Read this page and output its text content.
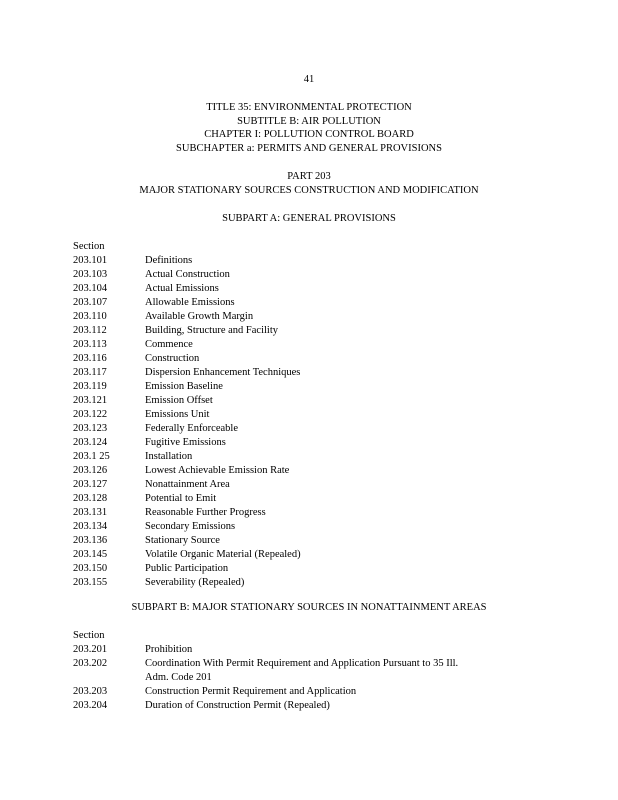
41
TITLE 35: ENVIRONMENTAL PROTECTION
SUBTITLE B: AIR POLLUTION
CHAPTER I: POLLUTION CONTROL BOARD
SUBCHAPTER a: PERMITS AND GENERAL PROVISIONS
PART 203
MAJOR STATIONARY SOURCES CONSTRUCTION AND MODIFICATION
SUBPART A: GENERAL PROVISIONS
Section
203.101	Definitions
203.103	Actual Construction
203.104	Actual Emissions
203.107	Allowable Emissions
203.110	Available Growth Margin
203.112	Building, Structure and Facility
203.113	Commence
203.116	Construction
203.117	Dispersion Enhancement Techniques
203.119	Emission Baseline
203.121	Emission Offset
203.122	Emissions Unit
203.123	Federally Enforceable
203.124	Fugitive Emissions
203.1 25	Installation
203.126	Lowest Achievable Emission Rate
203.127	Nonattainment Area
203.128	Potential to Emit
203.131	Reasonable Further Progress
203.134	Secondary Emissions
203.136	Stationary Source
203.145	Volatile Organic Material (Repealed)
203.150	Public Participation
203.155	Severability (Repealed)
SUBPART B: MAJOR STATIONARY SOURCES IN NONATTAINMENT AREAS
Section
203.201	Prohibition
203.202	Coordination With Permit Requirement and Application Pursuant to 35 Ill.
Adm. Code 201
203.203	Construction Permit Requirement and Application
203.204	Duration of Construction Permit (Repealed)
